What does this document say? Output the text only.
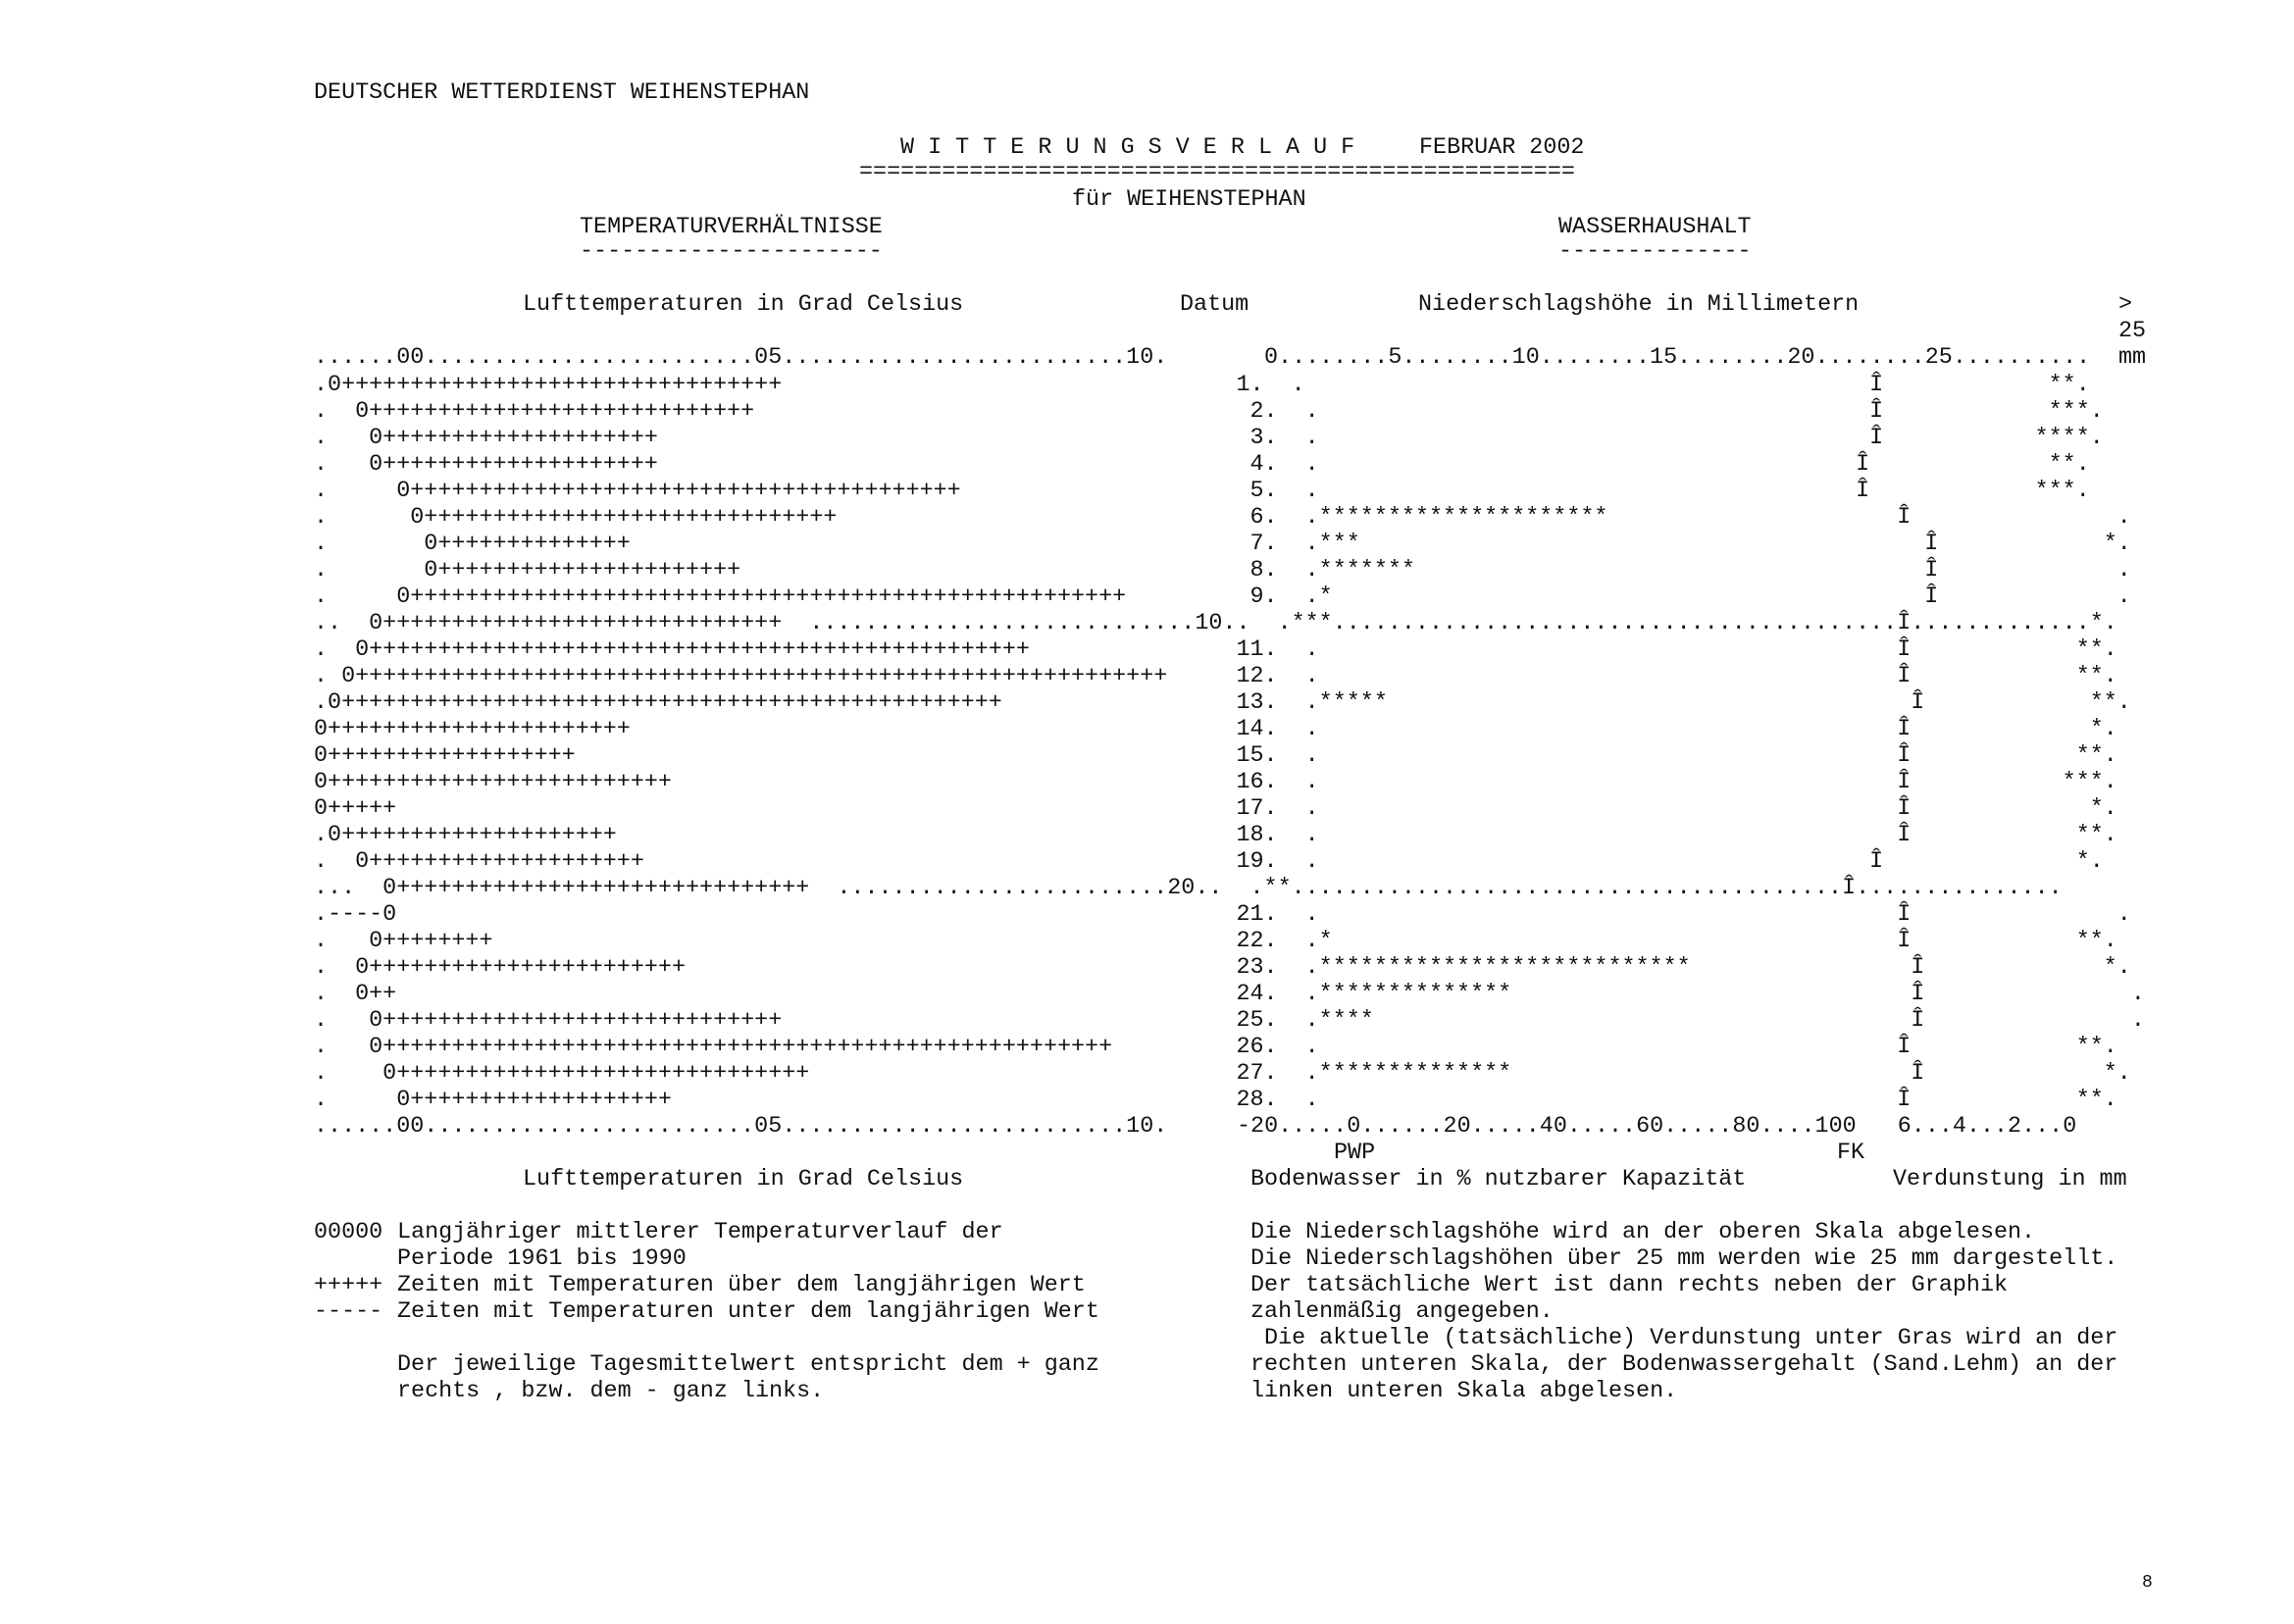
DEUTSCHER WETTERDIENST WEIHENSTEPHAN
W I T T E R U N G S V E R L A U F	FEBRUAR 2002
====================================================
für WEIHENSTEPHAN
TEMPERATURVERHÄLTNISSE
----------------------
WASSERHAUSHALT
--------------
Lufttemperaturen in Grad Celsius	Datum	Niederschlagshöhe in Millimetern	>
25
mm
......00........................05.........................10.	0........5........10........15........20........25..........
.0++++++++++++++++++++++++++++++++                                 1.  .                                         Î            **.
.  0++++++++++++++++++++++++++++                                    2.  .                                        Î            ***.
.   0++++++++++++++++++++                                           3.  .                                        Î           ****.
.   0++++++++++++++++++++                                           4.  .                                       Î             **.
.     0++++++++++++++++++++++++++++++++++++++++                     5.  .                                       Î            ***.
.      0++++++++++++++++++++++++++++++                              6.  .*********************                     Î               .
.       0++++++++++++++                                             7.  .***                                         Î            *.
.       0++++++++++++++++++++++                                     8.  .*******                                     Î             .
.     0++++++++++++++++++++++++++++++++++++++++++++++++++++         9.  .*                                           Î             .
..  0+++++++++++++++++++++++++++++  ............................10..  .***.........................................Î.............*.
.  0++++++++++++++++++++++++++++++++++++++++++++++++               11.  .                                          Î            **.
. 0+++++++++++++++++++++++++++++++++++++++++++++++++++++++++++     12.  .                                          Î            **.
.0++++++++++++++++++++++++++++++++++++++++++++++++                 13.  .*****                                      Î            **.
0++++++++++++++++++++++                                            14.  .                                          Î             *.
0++++++++++++++++++                                                15.  .                                          Î            **.
0+++++++++++++++++++++++++                                         16.  .                                          Î           ***.
0+++++                                                             17.  .                                          Î             *.
.0++++++++++++++++++++                                             18.  .                                          Î            **.
.  0++++++++++++++++++++                                           19.  .                                        Î              *.
...  0++++++++++++++++++++++++++++++  ........................20..  .**........................................Î...............
.----0                                                             21.  .                                          Î               .
.   0++++++++                                                      22.  .*                                         Î            **.
.  0+++++++++++++++++++++++                                        23.  .***************************                Î             *.
.  0++                                                             24.  .**************                             Î               .
.   0+++++++++++++++++++++++++++++                                 25.  .****                                       Î               .
.   0+++++++++++++++++++++++++++++++++++++++++++++++++++++         26.  .                                          Î            **.
.    0++++++++++++++++++++++++++++++                               27.  .**************                             Î             *.
.     0+++++++++++++++++++                                         28.  .                                          Î            **.
......00........................05.........................10.	-20.....0......20.....40.....60.....80....100   6...4...2...0
PWP	FK
Lufttemperaturen in Grad Celsius	Bodenwasser in % nutzbarer Kapazität	Verdunstung in mm
00000 Langjähriger mittlerer Temperaturverlauf der
Periode 1961 bis 1990
+++++ Zeiten mit Temperaturen über dem langjährigen Wert
----- Zeiten mit Temperaturen unter dem langjährigen Wert
Der jeweilige Tagesmittelwert entspricht dem + ganz
rechts , bzw. dem - ganz links.
Die Niederschlagshöhe wird an der oberen Skala abgelesen.
Die Niederschlagshöhen über 25 mm werden wie 25 mm dargestellt.
Der tatsächliche Wert ist dann rechts neben der Graphik
zahlenmäßig angegeben.
Die aktuelle (tatsächliche) Verdunstung unter Gras wird an der
rechten unteren Skala, der Bodenwassergehalt (Sand.Lehm) an der
linken unteren Skala abgelesen.
8
